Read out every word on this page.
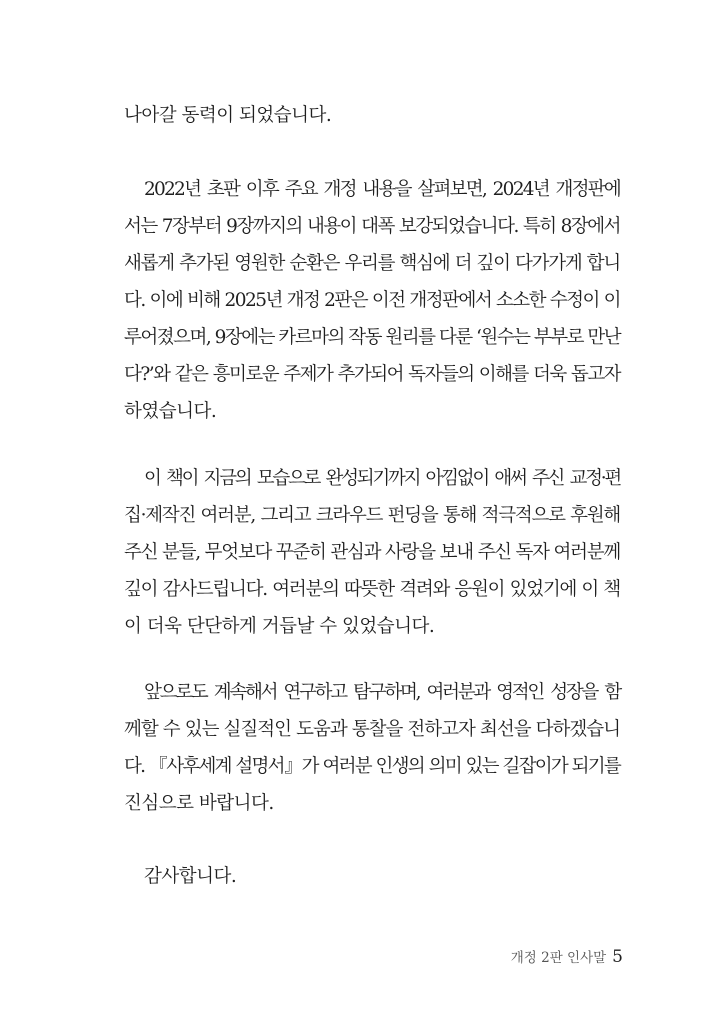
나아갈 동력이 되었습니다.
2022년 초판 이후 주요 개정 내용을 살펴보면, 2024년 개정판에
서는 7장부터 9장까지의 내용이 대폭 보강되었습니다. 특히 8장에서
새롭게 추가된 영원한 순환은 우리를 핵심에 더 깊이 다가가게 합니
다. 이에 비해 2025년 개정 2판은 이전 개정판에서 소소한 수정이 이
루어졌으며, 9장에는 카르마의 작동 원리를 다룬 ‘원수는 부부로 만난
다?’와 같은 흥미로운 주제가 추가되어 독자들의 이해를 더욱 돕고자
하였습니다.
이 책이 지금의 모습으로 완성되기까지 아낌없이 애써 주신 교정·편
집·제작진 여러분, 그리고 크라우드 펀딩을 통해 적극적으로 후원해
주신 분들, 무엇보다 꾸준히 관심과 사랑을 보내 주신 독자 여러분께
깊이 감사드립니다. 여러분의 따뜻한 격려와 응원이 있었기에 이 책
이 더욱 단단하게 거듭날 수 있었습니다.
앞으로도 계속해서 연구하고 탐구하며, 여러분과 영적인 성장을 함
께할 수 있는 실질적인 도움과 통찰을 전하고자 최선을 다하겠습니
다. 『사후세계 설명서』가 여러분 인생의 의미 있는 길잡이가 되기를
진심으로 바랍니다.
감사합니다.
개정 2판 인사말 5
